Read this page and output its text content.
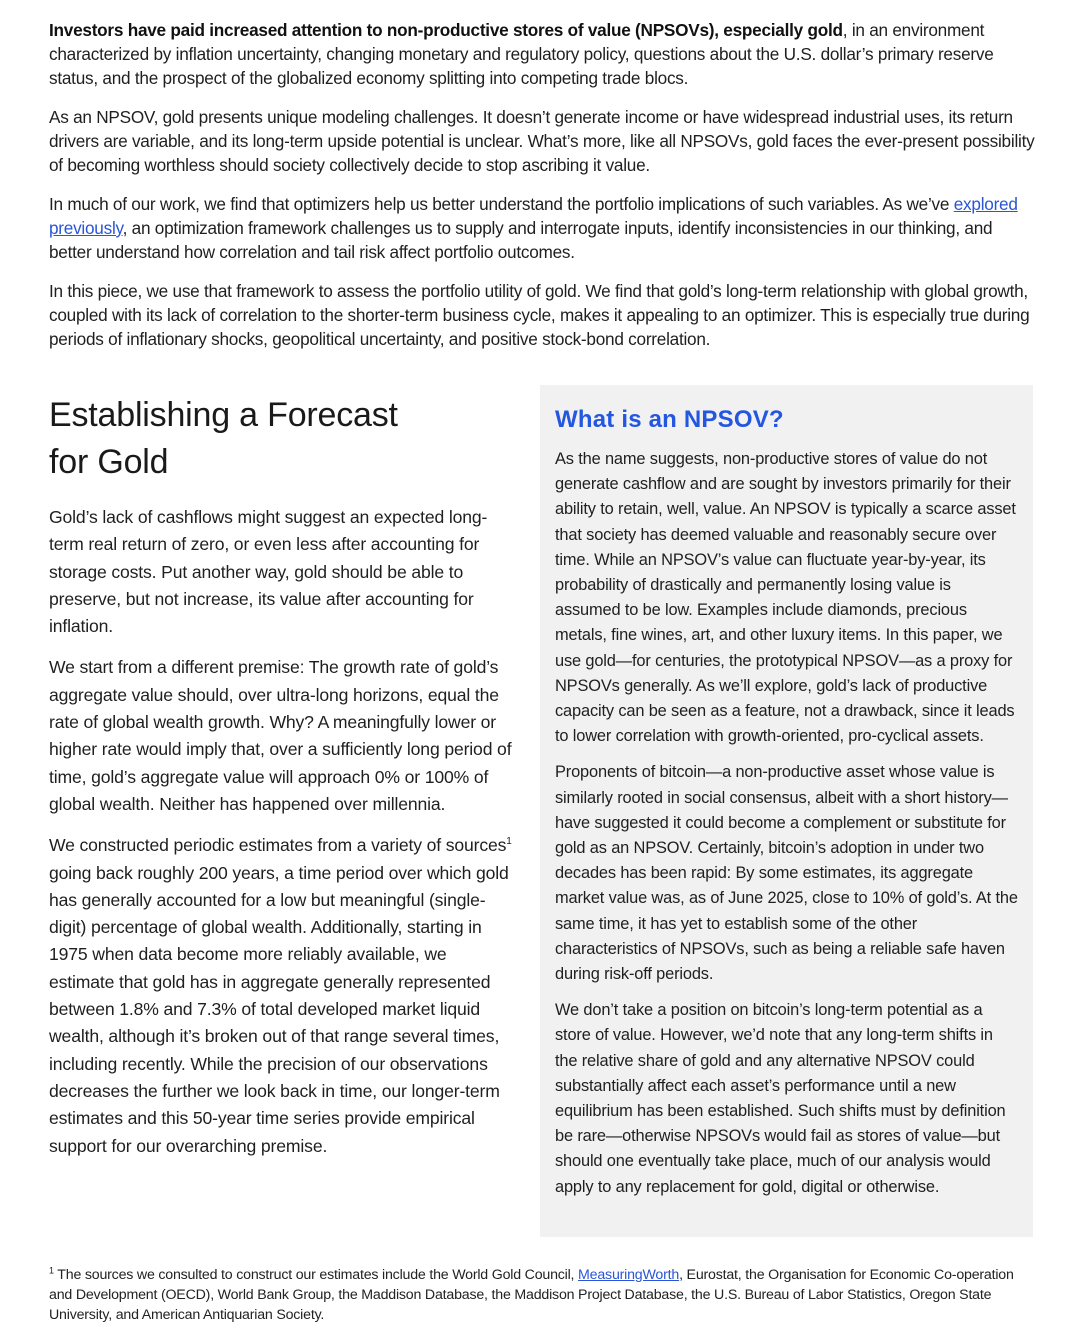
Investors have paid increased attention to non-productive stores of value (NPSOVs), especially gold, in an environment characterized by inflation uncertainty, changing monetary and regulatory policy, questions about the U.S. dollar’s primary reserve status, and the prospect of the globalized economy splitting into competing trade blocs.

As an NPSOV, gold presents unique modeling challenges. It doesn’t generate income or have widespread industrial uses, its return drivers are variable, and its long-term upside potential is unclear. What’s more, like all NPSOVs, gold faces the ever-present possibility of becoming worthless should society collectively decide to stop ascribing it value.

In much of our work, we find that optimizers help us better understand the portfolio implications of such variables. As we’ve explored previously, an optimization framework challenges us to supply and interrogate inputs, identify inconsistencies in our thinking, and better understand how correlation and tail risk affect portfolio outcomes.

In this piece, we use that framework to assess the portfolio utility of gold. We find that gold’s long-term relationship with global growth, coupled with its lack of correlation to the shorter-term business cycle, makes it appealing to an optimizer. This is especially true during periods of inflationary shocks, geopolitical uncertainty, and positive stock-bond correlation.

Establishing a Forecast
for Gold

Gold’s lack of cashflows might suggest an expected long-term real return of zero, or even less after accounting for storage costs. Put another way, gold should be able to preserve, but not increase, its value after accounting for inflation.

We start from a different premise: The growth rate of gold’s aggregate value should, over ultra-long horizons, equal the rate of global wealth growth. Why? A meaningfully lower or higher rate would imply that, over a sufficiently long period of time, gold’s aggregate value will approach 0% or 100% of global wealth. Neither has happened over millennia.

We constructed periodic estimates from a variety of sources$^1$ going back roughly 200 years, a time period over which gold has generally accounted for a low but meaningful (single-digit) percentage of global wealth. Additionally, starting in 1975 when data become more reliably available, we estimate that gold has in aggregate generally represented between 1.8% and 7.3% of total developed market liquid wealth, although it’s broken out of that range several times, including recently. While the precision of our observations decreases the further we look back in time, our longer-term estimates and this 50-year time series provide empirical support for our overarching premise.

What is an NPSOV?

As the name suggests, non-productive stores of value do not generate cashflow and are sought by investors primarily for their ability to retain, well, value. An NPSOV is typically a scarce asset that society has deemed valuable and reasonably secure over time. While an NPSOV’s value can fluctuate year-by-year, its probability of drastically and permanently losing value is assumed to be low. Examples include diamonds, precious metals, fine wines, art, and other luxury items. In this paper, we use gold—for centuries, the prototypical NPSOV—as a proxy for NPSOVs generally. As we’ll explore, gold’s lack of productive capacity can be seen as a feature, not a drawback, since it leads to lower correlation with growth-oriented, pro-cyclical assets.

Proponents of bitcoin—a non-productive asset whose value is similarly rooted in social consensus, albeit with a short history—have suggested it could become a complement or substitute for gold as an NPSOV. Certainly, bitcoin’s adoption in under two decades has been rapid: By some estimates, its aggregate market value was, as of June 2025, close to 10% of gold’s. At the same time, it has yet to establish some of the other characteristics of NPSOVs, such as being a reliable safe haven during risk-off periods.

We don’t take a position on bitcoin’s long-term potential as a store of value. However, we’d note that any long-term shifts in the relative share of gold and any alternative NPSOV could substantially affect each asset’s performance until a new equilibrium has been established. Such shifts must by definition be rare—otherwise NPSOVs would fail as stores of value—but should one eventually take place, much of our analysis would apply to any replacement for gold, digital or otherwise.

$^1$ The sources we consulted to construct our estimates include the World Gold Council, MeasuringWorth, Eurostat, the Organisation for Economic Co-operation and Development (OECD), World Bank Group, the Maddison Database, the Maddison Project Database, the U.S. Bureau of Labor Statistics, Oregon State University, and American Antiquarian Society.
